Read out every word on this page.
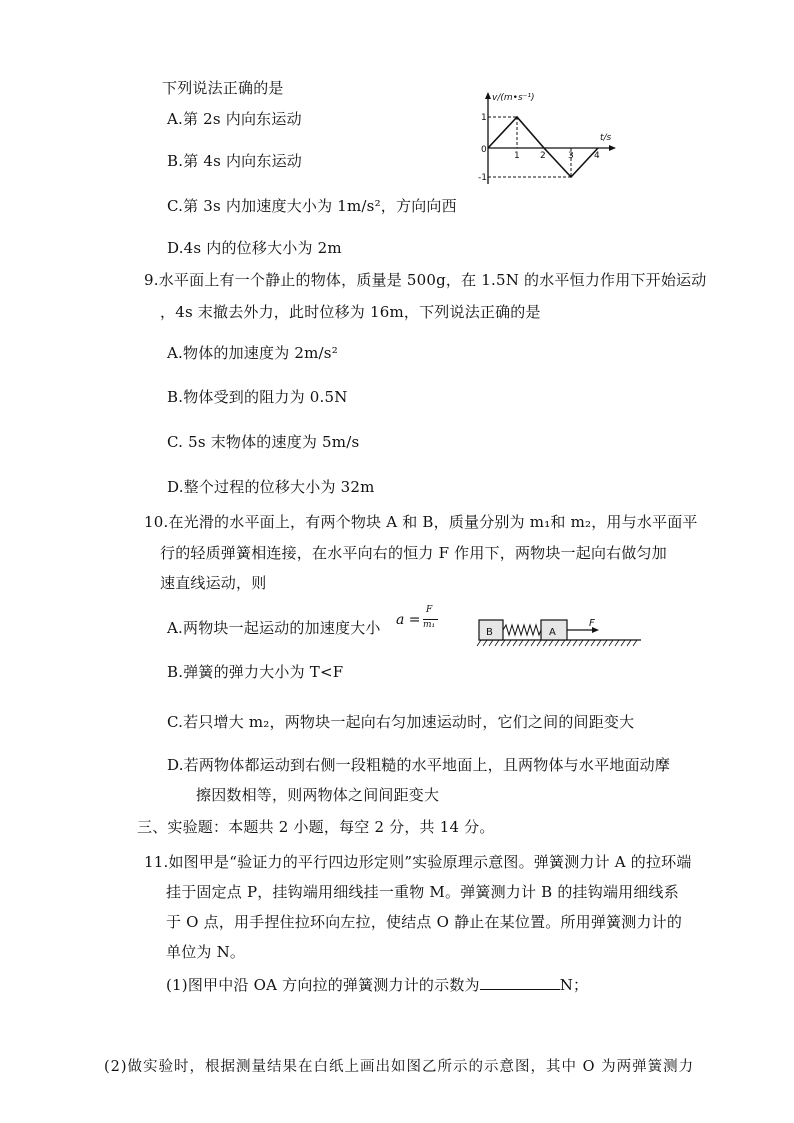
下列说法正确的是
A.第 2s 内向东运动
B.第 4s 内向东运动
C.第 3s 内加速度大小为 1m/s²，方向向西
D.4s 内的位移大小为 2m
v/(m•s⁻¹)
t/s
0
1
-1
1 2 3 4
9.水平面上有一个静止的物体，质量是 500g，在 1.5N 的水平恒力作用下开始运动
，4s 末撤去外力，此时位移为 16m，下列说法正确的是
A.物体的加速度为 2m/s²
B.物体受到的阻力为 0.5N
C. 5s 末物体的速度为 5m/s
D.整个过程的位移大小为 32m
10.在光滑的水平面上，有两个物块 A 和 B，质量分别为 m₁和 m₂，用与水平面平
行的轻质弹簧相连接，在水平向右的恒力 F 作用下，两物块一起向右做匀加
速直线运动，则
A.两物块一起运动的加速度大小 a =
F
m₁
B	A
F
B.弹簧的弹力大小为 T<F
C.若只增大 m₂，两物块一起向右匀加速运动时，它们之间的间距变大
D.若两物体都运动到右侧一段粗糙的水平地面上，且两物体与水平地面动摩
擦因数相等，则两物体之间间距变大
三、实验题：本题共 2 小题，每空 2 分，共 14 分。
11.如图甲是“验证力的平行四边形定则”实验原理示意图。弹簧测力计 A 的拉环端
挂于固定点 P，挂钩端用细线挂一重物 M。弹簧测力计 B 的挂钩端用细线系
于 O 点，用手捏住拉环向左拉，使结点 O 静止在某位置。所用弹簧测力计的
单位为 N。
(1)图甲中沿 OA 方向拉的弹簧测力计的示数为	N；
(2)做实验时，根据测量结果在白纸上画出如图乙所示的示意图，其中 O 为两弹簧测力
